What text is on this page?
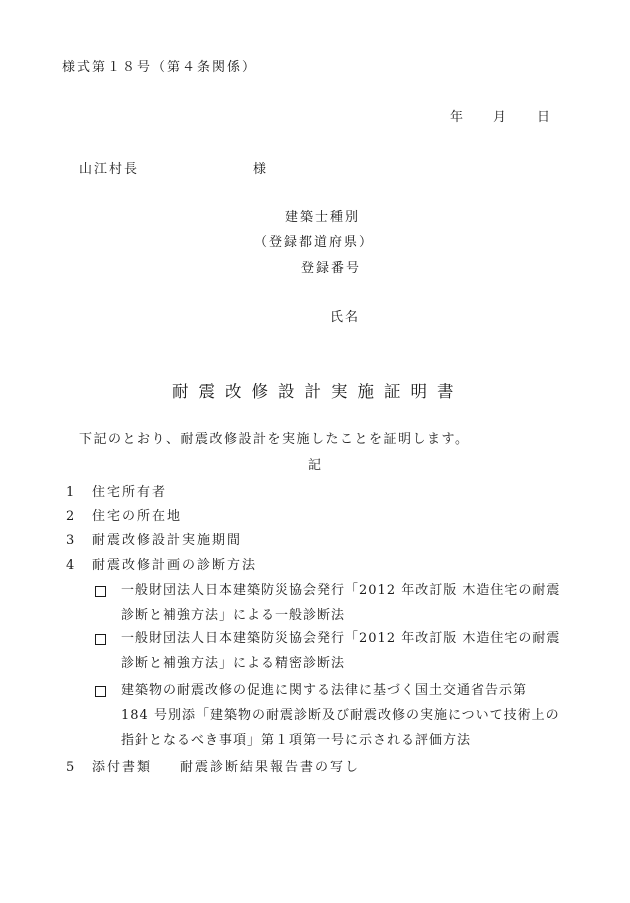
様式第１８号（第４条関係）
年 月 日
山江村長	様
建築士種別
（登録都道府県）
登録番号
氏名
耐震改修設計実施証明書
下記のとおり、耐震改修設計を実施したことを証明します。
記
1 住宅所有者
2 住宅の所在地
3 耐震改修設計実施期間
4 耐震改修計画の診断方法
一般財団法人日本建築防災協会発行「2012 年改訂版 木造住宅の耐震
診断と補強方法」による一般診断法
一般財団法人日本建築防災協会発行「2012 年改訂版 木造住宅の耐震
診断と補強方法」による精密診断法
建築物の耐震改修の促進に関する法律に基づく国土交通省告示第
184 号別添「建築物の耐震診断及び耐震改修の実施について技術上の
指針となるべき事項」第１項第一号に示される評価方法
5 添付書類 耐震診断結果報告書の写し
